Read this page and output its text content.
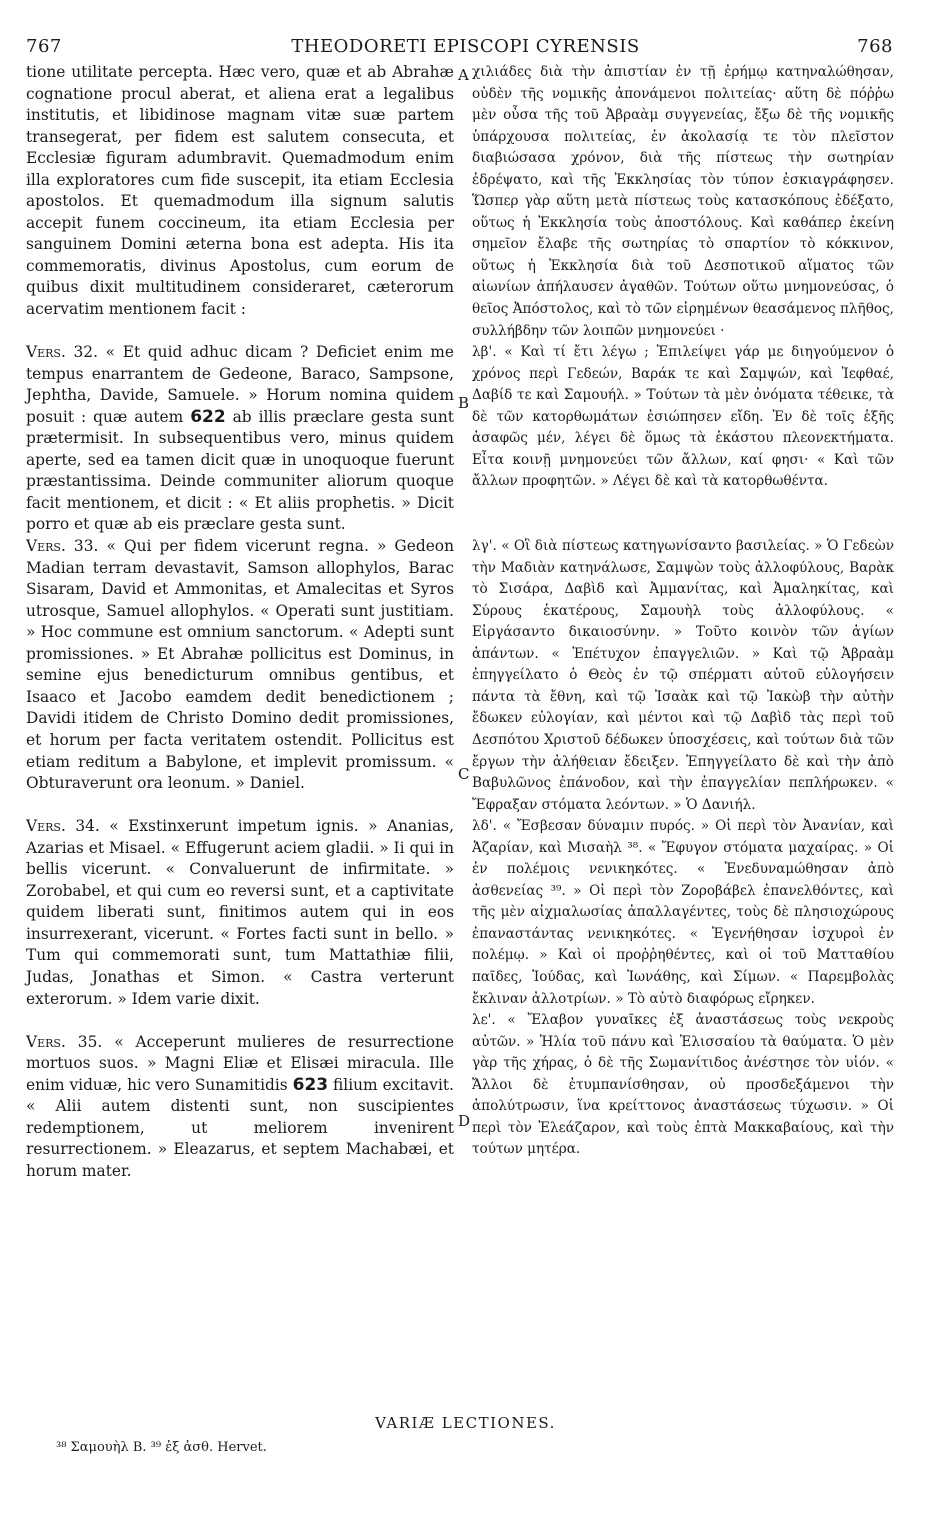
767	THEODORETI EPISCOPI CYRENSIS	768

tione utilitate percepta. Hæc vero, quæ et ab Abrahæ cognatione procul aberat, et aliena erat a legalibus institutis, et libidinose magnam vitæ suæ partem transegerat, per fidem est salutem consecuta, et Ecclesiæ figuram adumbravit. Quemadmodum enim illa exploratores cum fide suscepit, ita etiam Ecclesia apostolos. Et quemadmodum illa signum salutis accepit funem coccineum, ita etiam Ecclesia per sanguinem Domini æterna bona est adepta. His ita commemoratis, divinus Apostolus, cum eorum de quibus dixit multitudinem consideraret, cæterorum acervatim mentionem facit :

Vers. 32. « Et quid adhuc dicam ? Deficiet enim me tempus enarrantem de Gedeone, Baraco, Sampsone, Jephtha, Davide, Samuele. » Horum nomina quidem posuit : quæ autem 622 ab illis præclare gesta sunt prætermisit. In subsequentibus vero, minus quidem aperte, sed ea tamen dicit quæ in unoquoque fuerunt præstantissima. Deinde communiter aliorum quoque facit mentionem, et dicit : « Et aliis prophetis. » Dicit porro et quæ ab eis præclare gesta sunt.

Vers. 33. « Qui per fidem vicerunt regna. » Gedeon Madian terram devastavit, Samson allophylos, Barac Sisaram, David et Ammonitas, et Amalecitas et Syros utrosque, Samuel allophylos. « Operati sunt justitiam. » Hoc commune est omnium sanctorum. « Adepti sunt promissiones. » Et Abrahæ pollicitus est Dominus, in semine ejus benedicturum omnibus gentibus, et Isaaco et Jacobo eamdem dedit benedictionem ; Davidi itidem de Christo Domino dedit promissiones, et horum per facta veritatem ostendit. Pollicitus est etiam reditum a Babylone, et implevit promissum. « Obturaverunt ora leonum. » Daniel.

Vers. 34. « Exstinxerunt impetum ignis. » Ananias, Azarias et Misael. « Effugerunt aciem gladii. » Ii qui in bellis vicerunt. « Convaluerunt de infirmitate. » Zorobabel, et qui cum eo reversi sunt, et a captivitate quidem liberati sunt, finitimos autem qui in eos insurrexerant, vicerunt. « Fortes facti sunt in bello. » Tum qui commemorati sunt, tum Mattathiæ filii, Judas, Jonathas et Simon. « Castra verterunt exterorum. » Idem varie dixit.

Vers. 35. « Acceperunt mulieres de resurrectione mortuos suos. » Magni Eliæ et Elisæi miracula. Ille enim viduæ, hic vero Sunamitidis 623 filium excitavit. « Alii autem distenti sunt, non suscipientes redemptionem, ut meliorem invenirent resurrectionem. » Eleazarus, et septem Machabæi, et horum mater.

χιλιάδες διὰ τὴν ἀπιστίαν ἐν τῇ ἐρήμῳ κατηναλώθησαν, οὐδὲν τῆς νομικῆς ἀπονάμενοι πολιτείας· αὕτη δὲ πόῤῥω μὲν οὖσα τῆς τοῦ Ἀβραὰμ συγγενείας, ἔξω δὲ τῆς νομικῆς ὑπάρχουσα πολιτείας, ἐν ἀκολασίᾳ τε τὸν πλεῖστον διαβιώσασα χρόνον, διὰ τῆς πίστεως τὴν σωτηρίαν ἐδρέψατο, καὶ τῆς Ἐκκλησίας τὸν τύπον ἐσκιαγράφησεν. Ὥσπερ γὰρ αὕτη μετὰ πίστεως τοὺς κατασκόπους ἐδέξατο, οὕτως ἡ Ἐκκλησία τοὺς ἀποστόλους. Καὶ καθάπερ ἐκείνη σημεῖον ἔλαβε τῆς σωτηρίας τὸ σπαρτίον τὸ κόκκινον, οὕτως ἡ Ἐκκλησία διὰ τοῦ Δεσποτικοῦ αἵματος τῶν αἰωνίων ἀπήλαυσεν ἀγαθῶν. Τούτων οὕτω μνημονεύσας, ὁ θεῖος Ἀπόστολος, καὶ τὸ τῶν εἰρημένων θεασάμενος πλῆθος, συλλήβδην τῶν λοιπῶν μνημονεύει ·

λβ'. « Καὶ τί ἔτι λέγω ; Ἐπιλείψει γάρ με διηγούμενον ὁ χρόνος περὶ Γεδεών, Βαράκ τε καὶ Σαμψών, καὶ Ἰεφθαέ, Δαβίδ τε καὶ Σαμουήλ. » Τούτων τὰ μὲν ὀνόματα τέθεικε, τὰ δὲ τῶν κατορθωμάτων ἐσιώπησεν εἴδη. Ἐν δὲ τοῖς ἑξῆς ἀσαφῶς μέν, λέγει δὲ ὅμως τὰ ἑκάστου πλεονεκτήματα. Εἶτα κοινῇ μνημονεύει τῶν ἄλλων, καί φησι· « Καὶ τῶν ἄλλων προφητῶν. » Λέγει δὲ καὶ τὰ κατορθωθέντα.

λγ'. « Οἳ διὰ πίστεως κατηγωνίσαντο βασιλείας. » Ὁ Γεδεὼν τὴν Μαδιὰν κατηνάλωσε, Σαμψὼν τοὺς ἀλλοφύλους, Βαρὰκ τὸ Σισάρα, Δαβὶδ καὶ Ἀμμανίτας, καὶ Ἀμαληκίτας, καὶ Σύρους ἑκατέρους, Σαμουὴλ τοὺς ἀλλοφύλους. « Εἰργάσαντο δικαιοσύνην. » Τοῦτο κοινὸν τῶν ἁγίων ἁπάντων. « Ἐπέτυχον ἐπαγγελιῶν. » Καὶ τῷ Ἀβραὰμ ἐπηγγείλατο ὁ Θεὸς ἐν τῷ σπέρματι αὐτοῦ εὐλογήσειν πάντα τὰ ἔθνη, καὶ τῷ Ἰσαὰκ καὶ τῷ Ἰακὼβ τὴν αὐτὴν ἔδωκεν εὐλογίαν, καὶ μέντοι καὶ τῷ Δαβὶδ τὰς περὶ τοῦ Δεσπότου Χριστοῦ δέδωκεν ὑποσχέσεις, καὶ τούτων διὰ τῶν ἔργων τὴν ἀλήθειαν ἔδειξεν. Ἐπηγγείλατο δὲ καὶ τὴν ἀπὸ Βαβυλῶνος ἐπάνοδον, καὶ τὴν ἐπαγγελίαν πεπλήρωκεν. « Ἔφραξαν στόματα λεόντων. » Ὁ Δανιήλ.

λδ'. « Ἔσβεσαν δύναμιν πυρός. » Οἱ περὶ τὸν Ἀνανίαν, καὶ Ἀζαρίαν, καὶ Μισαὴλ ³⁸. « Ἔφυγον στόματα μαχαίρας. » Οἱ ἐν πολέμοις νενικηκότες. « Ἐνεδυναμώθησαν ἀπὸ ἀσθενείας ³⁹. » Οἱ περὶ τὸν Ζοροβάβελ ἐπανελθόντες, καὶ τῆς μὲν αἰχμαλωσίας ἀπαλλαγέντες, τοὺς δὲ πλησιοχώρους ἐπαναστάντας νενικηκότες. « Ἐγενήθησαν ἰσχυροὶ ἐν πολέμῳ. » Καὶ οἱ προῤῥηθέντες, καὶ οἱ τοῦ Ματταθίου παῖδες, Ἰούδας, καὶ Ἰωνάθης, καὶ Σίμων. « Παρεμβολὰς ἔκλιναν ἀλλοτρίων. » Τὸ αὐτὸ διαφόρως εἴρηκεν.

λε'. « Ἔλαβον γυναῖκες ἐξ ἀναστάσεως τοὺς νεκροὺς αὐτῶν. » Ἠλία τοῦ πάνυ καὶ Ἐλισσαίου τὰ θαύματα. Ὁ μὲν γὰρ τῆς χήρας, ὁ δὲ τῆς Σωμανίτιδος ἀνέστησε τὸν υἱόν. « Ἄλλοι δὲ ἐτυμπανίσθησαν, οὐ προσδεξάμενοι τὴν ἀπολύτρωσιν, ἵνα κρείττονος ἀναστάσεως τύχωσιν. » Οἱ περὶ τὸν Ἐλεάζαρον, καὶ τοὺς ἑπτὰ Μακκαβαίους, καὶ τὴν τούτων μητέρα.

A
B
C
D
VARIÆ LECTIONES.
³⁸ Σαμουὴλ B. ³⁹ ἐξ ἀσθ. Hervet.
